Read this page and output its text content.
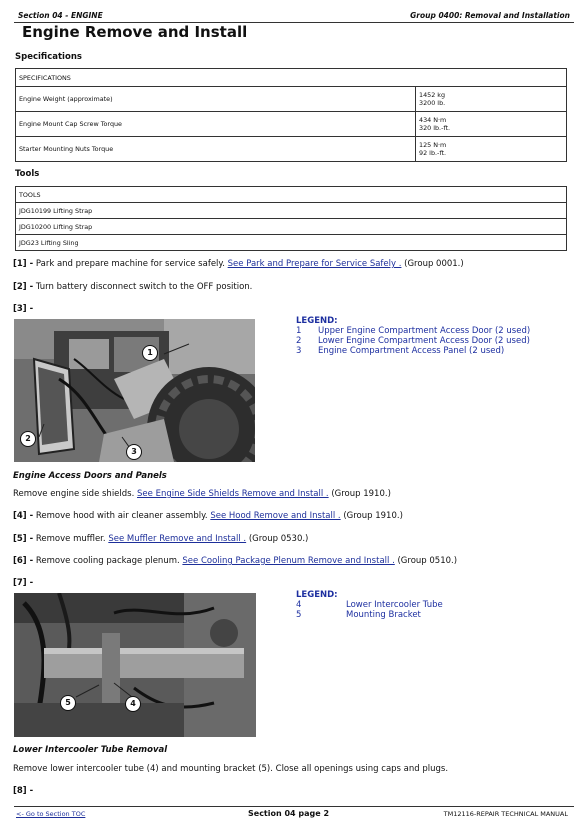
Section 04 - ENGINE	Group 0400: Removal and Installation
Engine Remove and Install
Specifications
SPECIFICATIONS	
Engine Weight (approximate)	1452 kg
3200 lb.

Engine Mount Cap Screw Torque	434 N·m
320 lb.-ft.

Starter Mounting Nuts Torque	125 N·m
92 lb.-ft.
Tools
TOOLS
JDG10199 Lifting Strap
JDG10200 Lifting Strap
JDG23 Lifting Sling
[1] - Park and prepare machine for service safely. See Park and Prepare for Service Safely . (Group 0001.)
[2] - Turn battery disconnect switch to the OFF position.
[3] -
1
2
3
LEGEND:
1	Upper Engine Compartment Access Door (2 used)
2	Lower Engine Compartment Access Door (2 used)
3	Engine Compartment Access Panel (2 used)
Engine Access Doors and Panels
Remove engine side shields. See Engine Side Shields Remove and Install . (Group 1910.)
[4] - Remove hood with air cleaner assembly. See Hood Remove and Install . (Group 1910.)
[5] - Remove muffler. See Muffler Remove and Install . (Group 0530.)
[6] - Remove cooling package plenum. See Cooling Package Plenum Remove and Install . (Group 0510.)
[7] -
5	4
LEGEND:
4	Lower Intercooler Tube
5	Mounting Bracket
Lower Intercooler Tube Removal
Remove lower intercooler tube (4) and mounting bracket (5). Close all openings using caps and plugs.
[8] -
<- Go to Section TOC	Section 04 page 2	TM12116-REPAIR TECHNICAL MANUAL
